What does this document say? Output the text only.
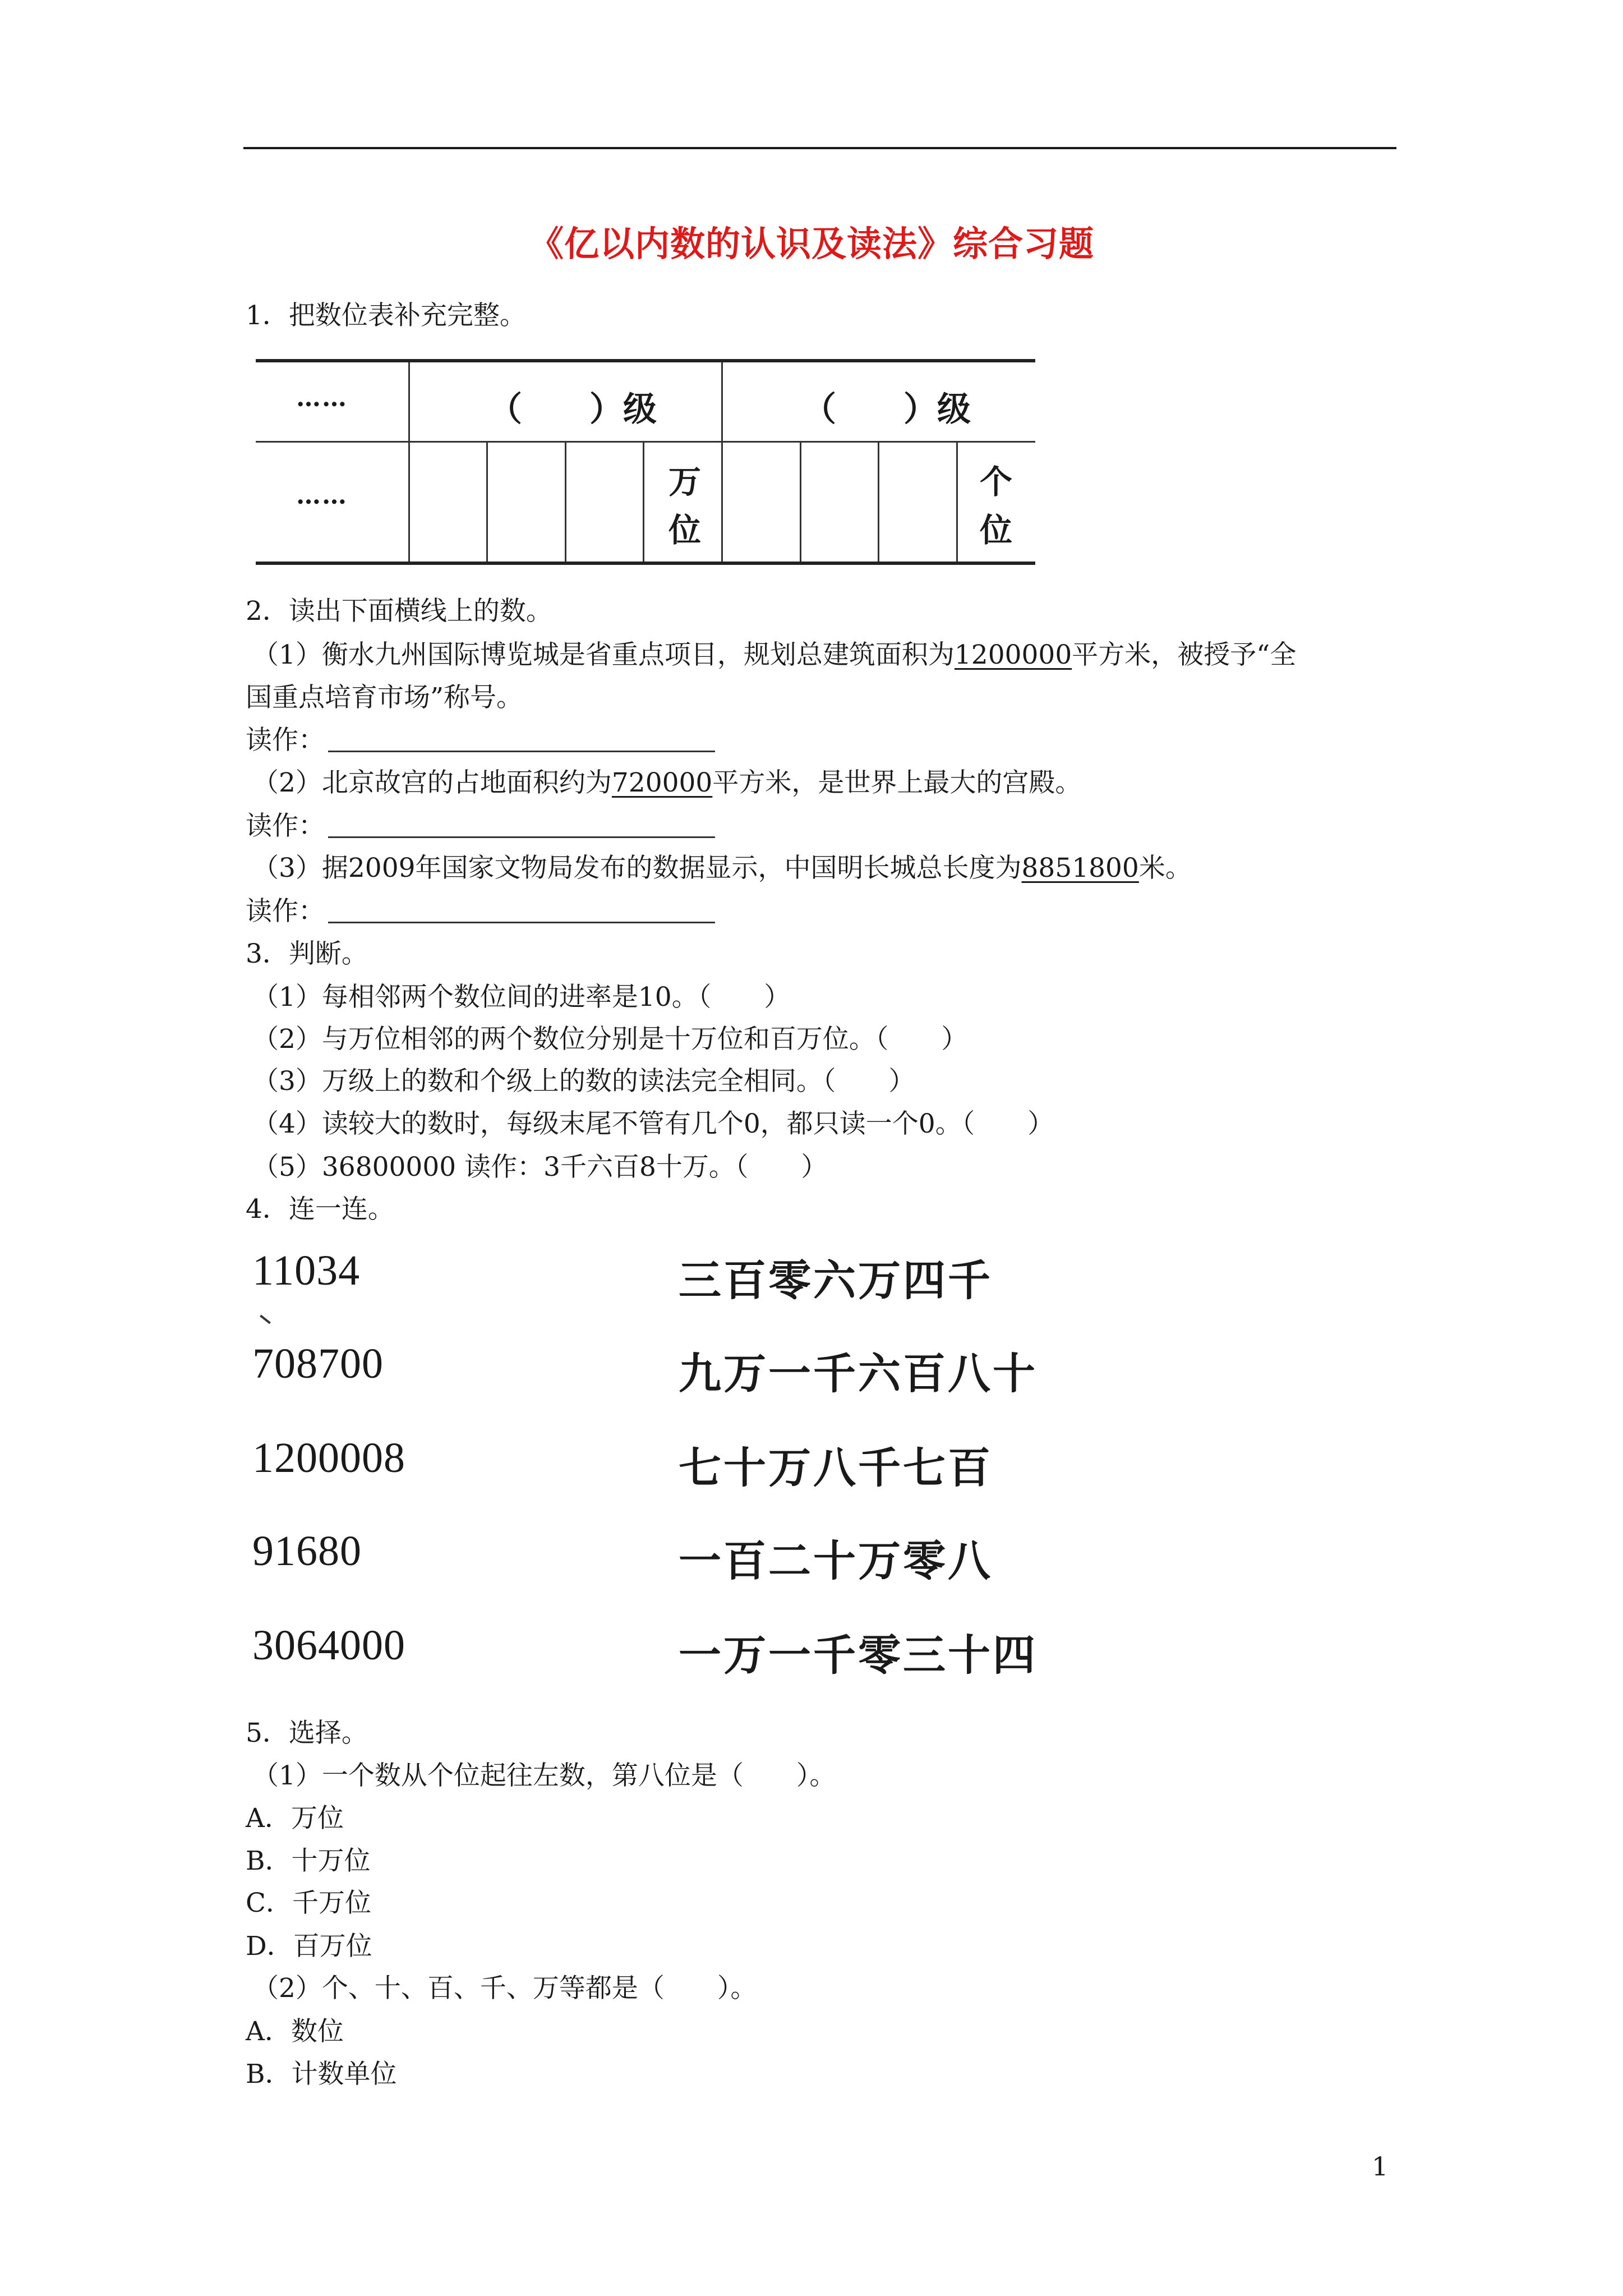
《亿以内数的认识及读法》综合习题
1．把数位表补充完整。
……
……
（　　）级	（　　）级
万
位
个
位
2．读出下面横线上的数。
（1）衡水九州国际博览城是省重点项目，规划总建筑面积为1200000平方米，被授予“全
国重点培育市场”称号。
读作：
（2）北京故宫的占地面积约为720000平方米，是世界上最大的宫殿。
读作：
（3）据2009年国家文物局发布的数据显示，中国明长城总长度为8851800米。
读作：
3．判断。
（1）每相邻两个数位间的进率是10。（　　）
（2）与万位相邻的两个数位分别是十万位和百万位。（　　）
（3）万级上的数和个级上的数的读法完全相同。（　　）
（4）读较大的数时，每级末尾不管有几个0，都只读一个0。（　　）
（5）36800000 读作：3千六百8十万。（　　）
4．连一连。
11034
708700
1200008
91680
3064000
三百零六万四千
九万一千六百八十
七十万八千七百
一百二十万零八
一万一千零三十四
5．选择。
（1）一个数从个位起往左数，第八位是（　　）。
A．万位
B．十万位
C．千万位
D．百万位
（2）个、十、百、千、万等都是（　　）。
A．数位
B．计数单位
1
